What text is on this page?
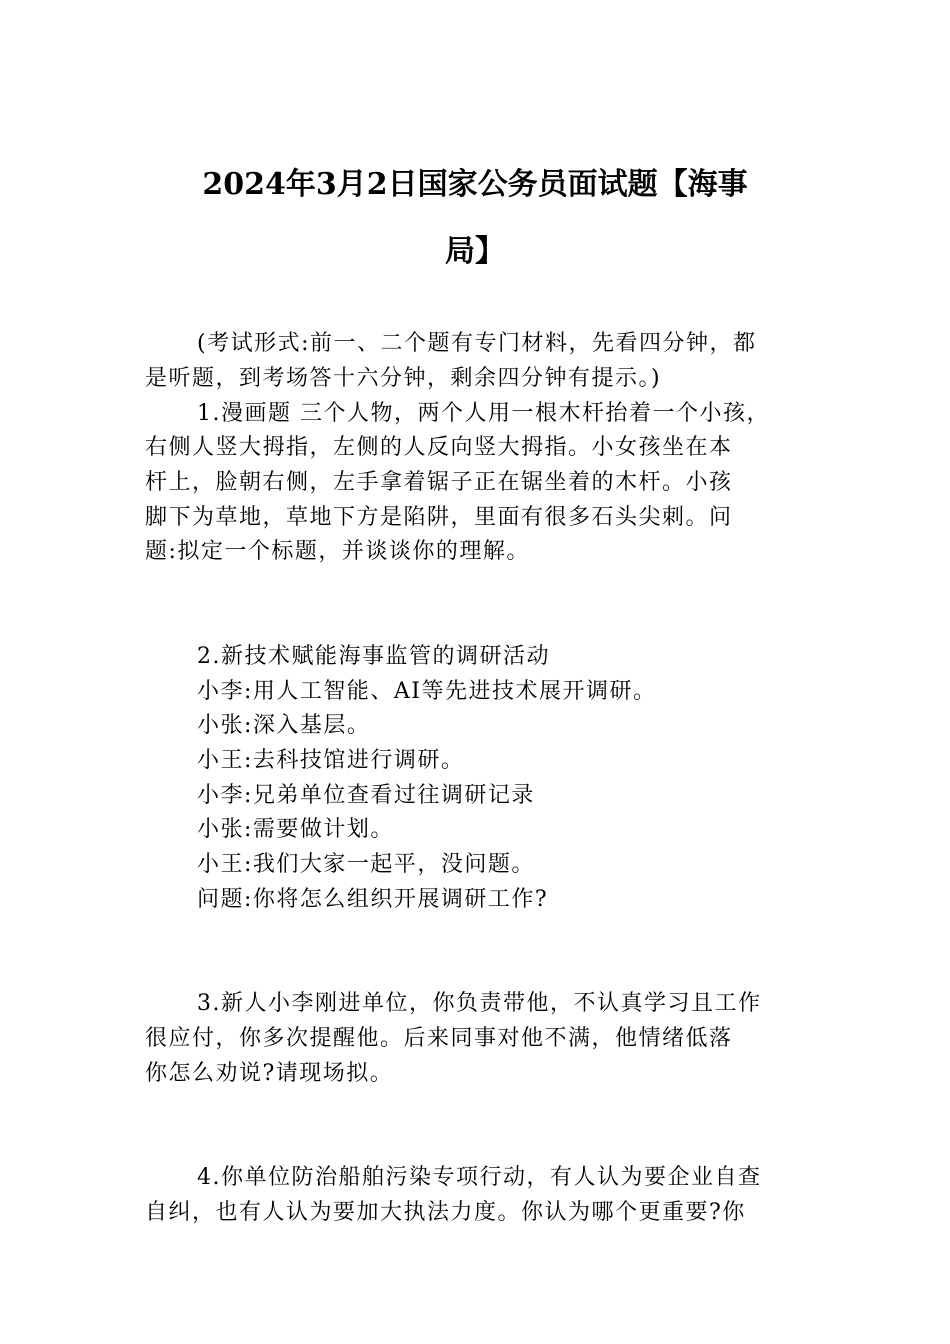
2024年3月2日国家公务员面试题【海事
局】
(考试形式:前一、二个题有专门材料，先看四分钟，都
是听题，到考场答十六分钟，剩余四分钟有提示。)
1.漫画题 三个人物，两个人用一根木杆抬着一个小孩，
右侧人竖大拇指，左侧的人反向竖大拇指。小女孩坐在本
杆上，脸朝右侧，左手拿着锯子正在锯坐着的木杆。小孩
脚下为草地，草地下方是陷阱，里面有很多石头尖刺。问
题:拟定一个标题，并谈谈你的理解。
2.新技术赋能海事监管的调研活动
小李:用人工智能、AI等先进技术展开调研。
小张:深入基层。
小王:去科技馆进行调研。
小李:兄弟单位查看过往调研记录
小张:需要做计划。
小王:我们大家一起平，没问题。
问题:你将怎么组织开展调研工作?
3.新人小李刚进单位，你负责带他，不认真学习且工作
很应付，你多次提醒他。后来同事对他不满，他情绪低落
你怎么劝说?请现场拟。
4.你单位防治船舶污染专项行动，有人认为要企业自查
自纠，也有人认为要加大执法力度。你认为哪个更重要?你
